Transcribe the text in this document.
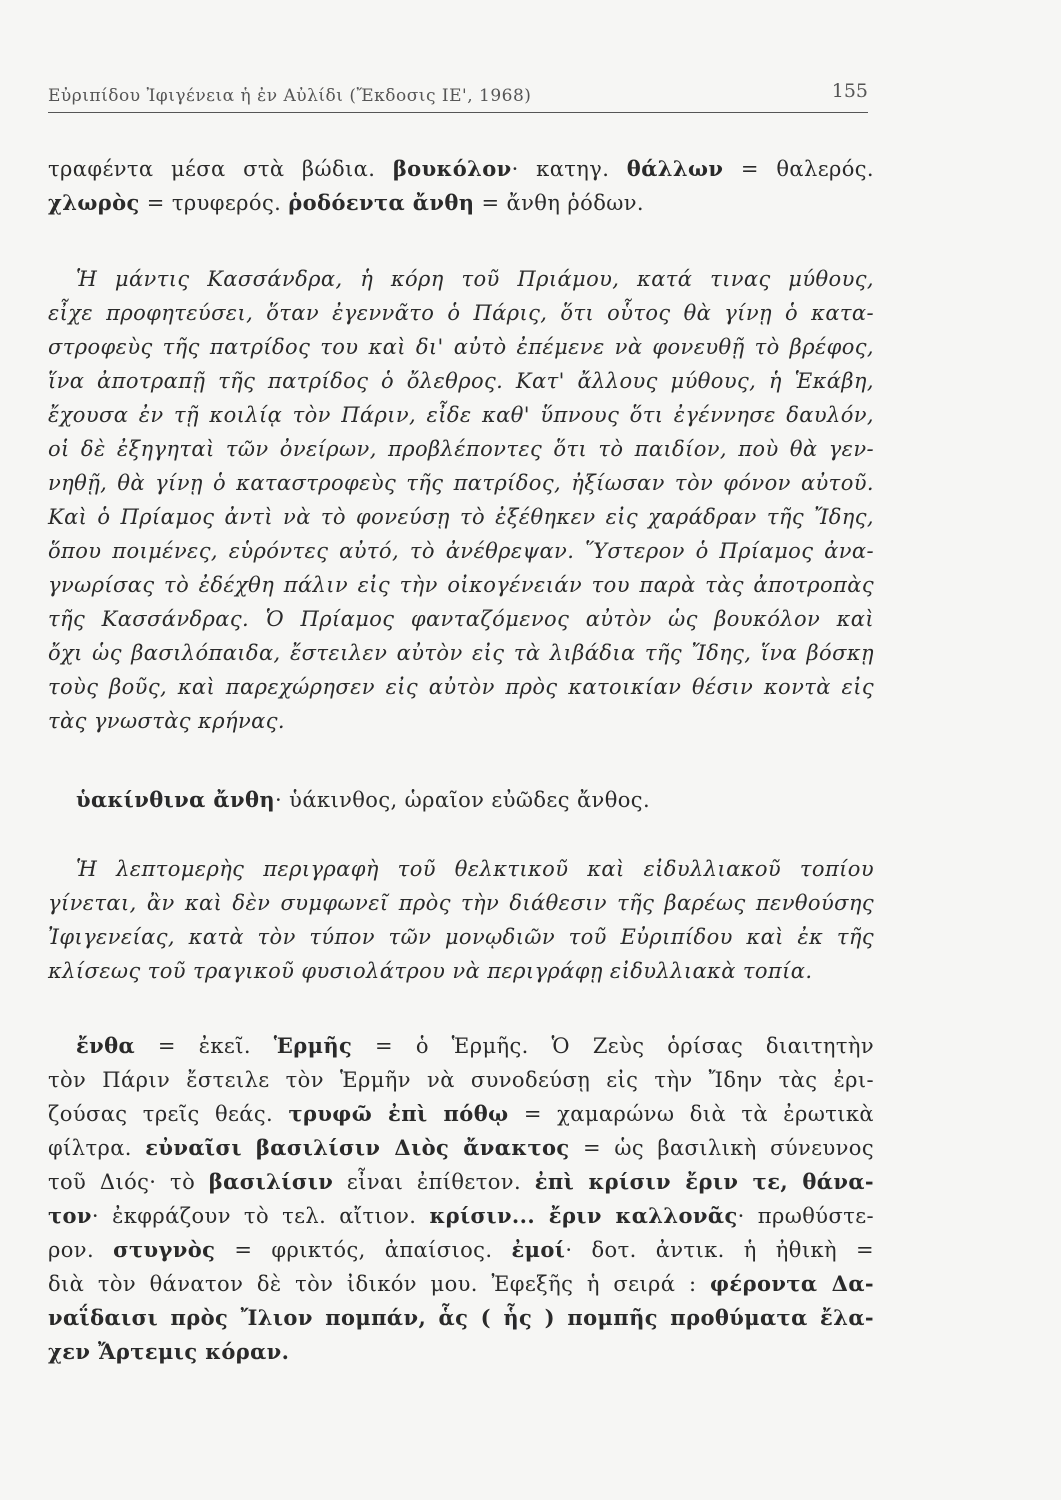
Εὐριπίδου Ἰφιγένεια ἡ ἐν Αὐλίδι (Ἔκδοσις ΙΕ', 1968)	155
τραφέντα μέσα στὰ βώδια. βουκόλον· κατηγ. θάλλων = θαλερός.
χλωρὸς = τρυφερός. ῥοδόεντα ἄνθη = ἄνθη ῥόδων.
Ἡ μάντις Κασσάνδρα, ἡ κόρη τοῦ Πριάμου, κατά τινας μύθους,
εἶχε προφητεύσει, ὅταν ἐγεννᾶτο ὁ Πάρις, ὅτι οὗτος θὰ γίνῃ ὁ κατα-
στροφεὺς τῆς πατρίδος του καὶ δι' αὐτὸ ἐπέμενε νὰ φονευθῇ τὸ βρέφος,
ἵνα ἀποτραπῇ τῆς πατρίδος ὁ ὄλεθρος. Κατ' ἄλλους μύθους, ἡ Ἑκάβη,
ἔχουσα ἐν τῇ κοιλίᾳ τὸν Πάριν, εἶδε καθ' ὕπνους ὅτι ἐγέννησε δαυλόν,
οἱ δὲ ἐξηγηταὶ τῶν ὀνείρων, προβλέποντες ὅτι τὸ παιδίον, ποὺ θὰ γεν-
νηθῇ, θὰ γίνῃ ὁ καταστροφεὺς τῆς πατρίδος, ἠξίωσαν τὸν φόνον αὐτοῦ.
Καὶ ὁ Πρίαμος ἀντὶ νὰ τὸ φονεύσῃ τὸ ἐξέθηκεν εἰς χαράδραν τῆς Ἴδης,
ὅπου ποιμένες, εὑρόντες αὐτό, τὸ ἀνέθρεψαν. Ὕστερον ὁ Πρίαμος ἀνα-
γνωρίσας τὸ ἐδέχθη πάλιν εἰς τὴν οἰκογένειάν του παρὰ τὰς ἀποτροπὰς
τῆς Κασσάνδρας. Ὁ Πρίαμος φανταζόμενος αὐτὸν ὡς βουκόλον καὶ
ὄχι ὡς βασιλόπαιδα, ἔστειλεν αὐτὸν εἰς τὰ λιβάδια τῆς Ἴδης, ἵνα βόσκῃ
τοὺς βοῦς, καὶ παρεχώρησεν εἰς αὐτὸν πρὸς κατοικίαν θέσιν κοντὰ εἰς
τὰς γνωστὰς κρήνας.
ὑακίνθινα ἄνθη· ὑάκινθος, ὡραῖον εὐῶδες ἄνθος.
Ἡ λεπτομερὴς περιγραφὴ τοῦ θελκτικοῦ καὶ εἰδυλλιακοῦ τοπίου
γίνεται, ἂν καὶ δὲν συμφωνεῖ πρὸς τὴν διάθεσιν τῆς βαρέως πενθούσης
Ἰφιγενείας, κατὰ τὸν τύπον τῶν μονῳδιῶν τοῦ Εὐριπίδου καὶ ἐκ τῆς
κλίσεως τοῦ τραγικοῦ φυσιολάτρου νὰ περιγράφῃ εἰδυλλιακὰ τοπία.
ἔνθα = ἐκεῖ. Ἑρμῆς = ὁ Ἑρμῆς. Ὁ Ζεὺς ὁρίσας διαιτητὴν
τὸν Πάριν ἔστειλε τὸν Ἑρμῆν νὰ συνοδεύσῃ εἰς τὴν Ἴδην τὰς ἐρι-
ζούσας τρεῖς θεάς. τρυφῶ ἐπὶ πόθῳ = χαμαρώνω διὰ τὰ ἐρωτικὰ
φίλτρα. εὐναῖσι βασιλίσιν Διὸς ἄνακτος = ὡς βασιλικὴ σύνευνος
τοῦ Διός· τὸ βασιλίσιν εἶναι ἐπίθετον. ἐπὶ κρίσιν ἔριν τε, θάνα-
τον· ἐκφράζουν τὸ τελ. αἴτιον. κρίσιν... ἔριν καλλονᾶς· πρωθύστε-
ρον. στυγνὸς = φρικτός, ἀπαίσιος. ἐμοί· δοτ. ἀντικ. ἡ ἠθικὴ =
διὰ τὸν θάνατον δὲ τὸν ἰδικόν μου. Ἐφεξῆς ἡ σειρά : φέροντα Δα-
ναΐδαισι πρὸς Ἴλιον πομπάν, ἇς ( ἧς ) πομπῆς προθύματα ἔλα-
χεν Ἄρτεμις κόραν.
